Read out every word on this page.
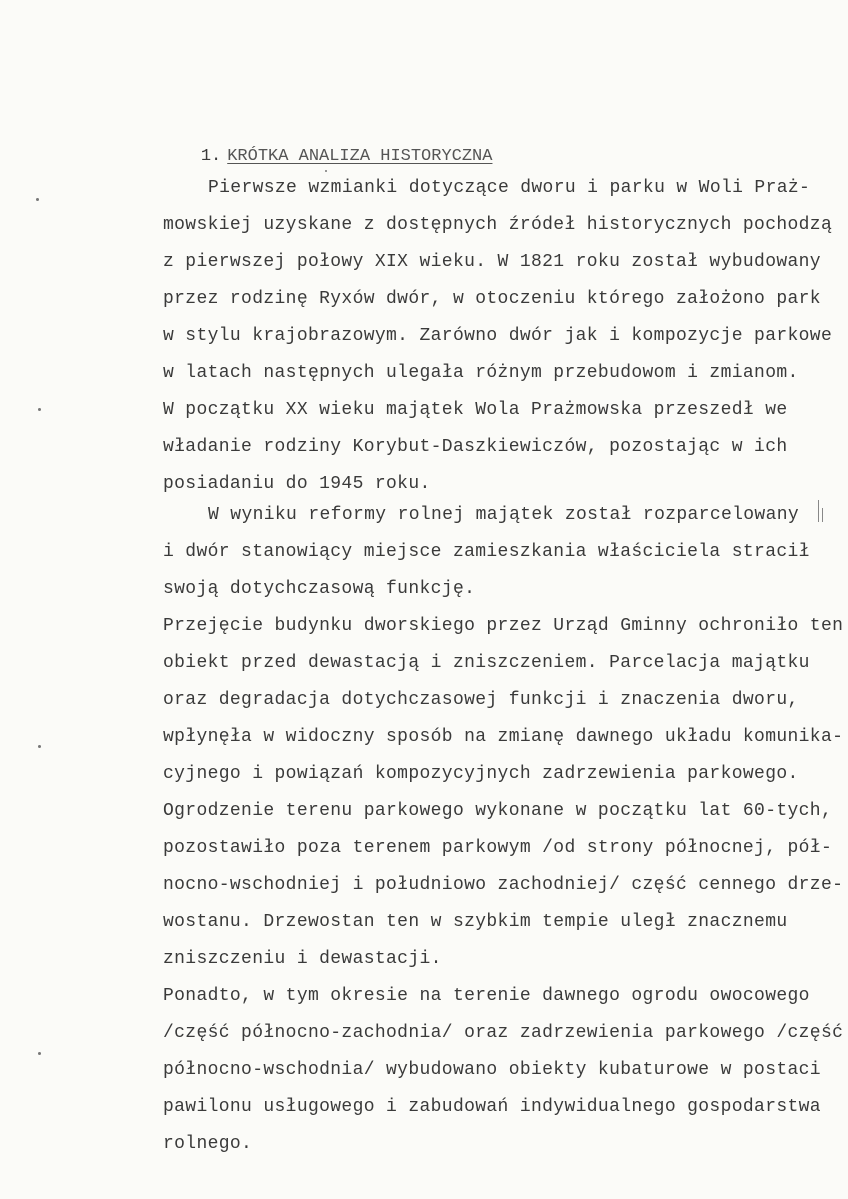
1. KRÓTKA ANALIZA HISTORYCZNA

Pierwsze wzmianki dotyczące dworu i parku w Woli Praż-
mowskiej uzyskane z dostępnych źródeł historycznych pochodzą
z pierwszej połowy XIX wieku. W 1821 roku został wybudowany
przez rodzinę Ryxów dwór, w otoczeniu którego założono park
w stylu krajobrazowym. Zarówno dwór jak i kompozycje parkowe
w latach następnych ulegała różnym przebudowom i zmianom.
W początku XX wieku majątek Wola Prażmowska przeszedł we
władanie rodziny Korybut-Daszkiewiczów, pozostając w ich
posiadaniu do 1945 roku.
W wyniku reformy rolnej majątek został rozparcelowany
i dwór stanowiący miejsce zamieszkania właściciela stracił
swoją dotychczasową funkcję.
Przejęcie budynku dworskiego przez Urząd Gminny ochroniło ten
obiekt przed dewastacją i zniszczeniem. Parcelacja majątku
oraz degradacja dotychczasowej funkcji i znaczenia dworu,
wpłynęła w widoczny sposób na zmianę dawnego układu komunika-
cyjnego i powiązań kompozycyjnych zadrzewienia parkowego.
Ogrodzenie terenu parkowego wykonane w początku lat 60-tych,
pozostawiło poza terenem parkowym /od strony północnej, pół-
nocno-wschodniej i południowo zachodniej/ część cennego drze-
wostanu. Drzewostan ten w szybkim tempie uległ znacznemu
zniszczeniu i dewastacji.
Ponadto, w tym okresie na terenie dawnego ogrodu owocowego
/część północno-zachodnia/ oraz zadrzewienia parkowego /część
północno-wschodnia/ wybudowano obiekty kubaturowe w postaci
pawilonu usługowego i zabudowań indywidualnego gospodarstwa
rolnego.
